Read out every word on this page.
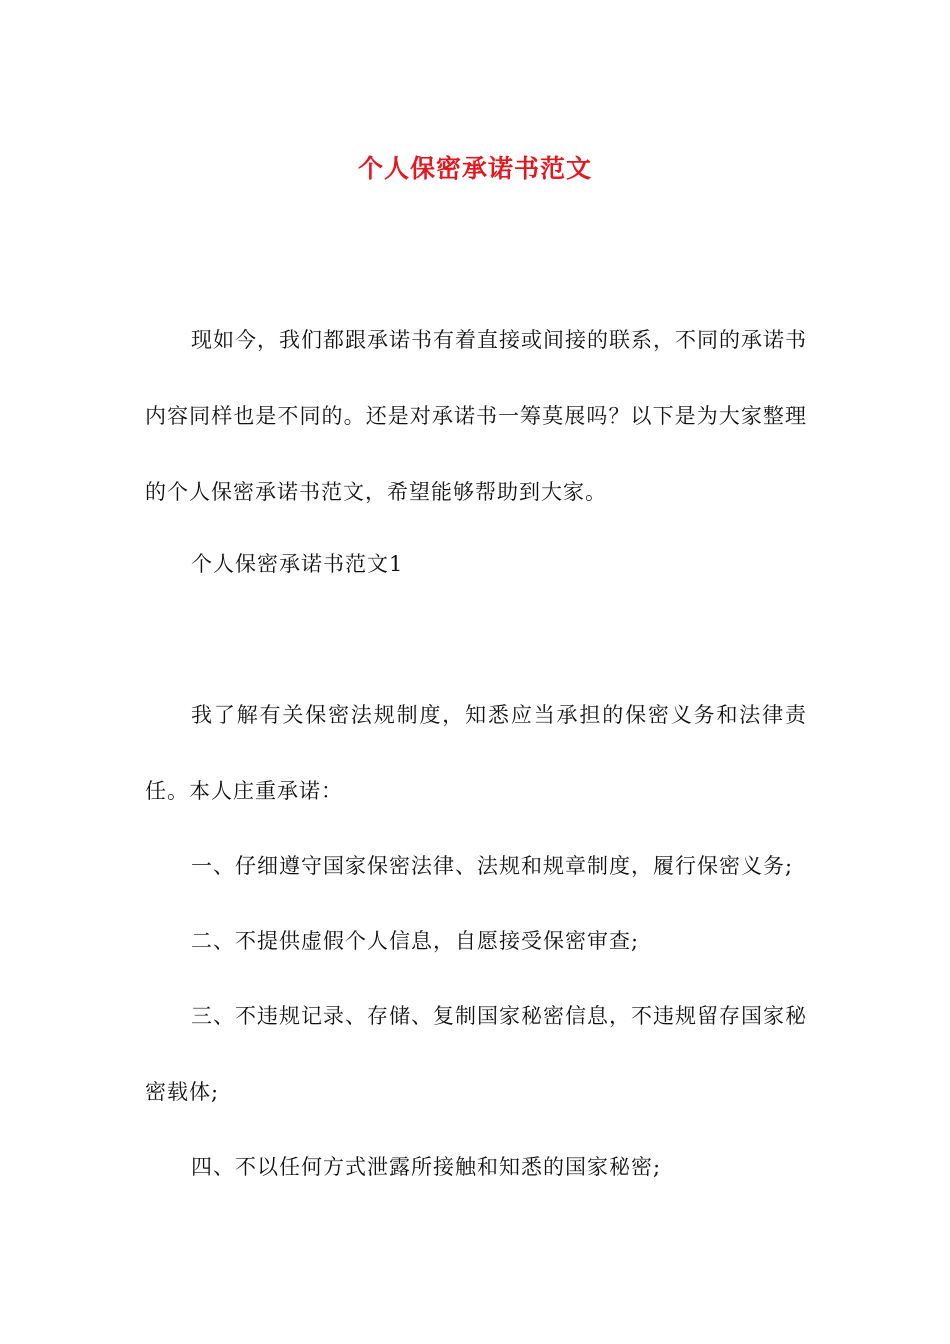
个人保密承诺书范文

现如今，我们都跟承诺书有着直接或间接的联系，不同的承诺书内容同样也是不同的。还是对承诺书一筹莫展吗？以下是为大家整理的个人保密承诺书范文，希望能够帮助到大家。

个人保密承诺书范文1

我了解有关保密法规制度，知悉应当承担的保密义务和法律责任。本人庄重承诺：

一、仔细遵守国家保密法律、法规和规章制度，履行保密义务;

二、不提供虚假个人信息，自愿接受保密审查;

三、不违规记录、存储、复制国家秘密信息，不违规留存国家秘密载体;

四、不以任何方式泄露所接触和知悉的国家秘密;
